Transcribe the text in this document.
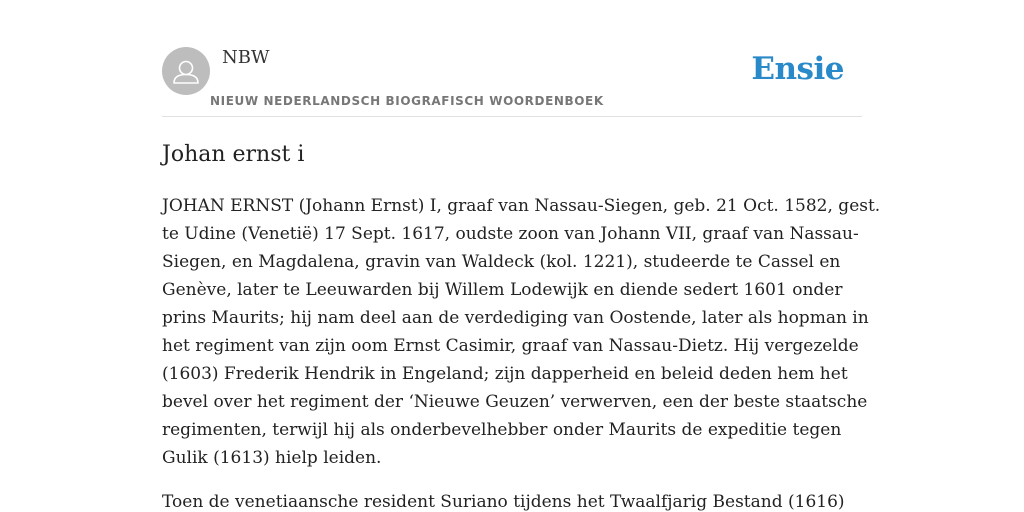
NBW
NIEUW NEDERLANDSCH BIOGRAFISCH WOORDENBOEK
Ensie
Johan ernst i

JOHAN ERNST (Johann Ernst) I, graaf van Nassau-Siegen, geb. 21 Oct. 1582, gest.
te Udine (Venetië) 17 Sept. 1617, oudste zoon van Johann VII, graaf van Nassau-
Siegen, en Magdalena, gravin van Waldeck (kol. 1221), studeerde te Cassel en
Genève, later te Leeuwarden bij Willem Lodewijk en diende sedert 1601 onder
prins Maurits; hij nam deel aan de verdediging van Oostende, later als hopman in
het regiment van zijn oom Ernst Casimir, graaf van Nassau-Dietz. Hij vergezelde
(1603) Frederik Hendrik in Engeland; zijn dapperheid en beleid deden hem het
bevel over het regiment der ‘Nieuwe Geuzen’ verwerven, een der beste staatsche
regimenten, terwijl hij als onderbevelhebber onder Maurits de expeditie tegen
Gulik (1613) hielp leiden.

Toen de venetiaansche resident Suriano tijdens het Twaalfjarig Bestand (1616)
